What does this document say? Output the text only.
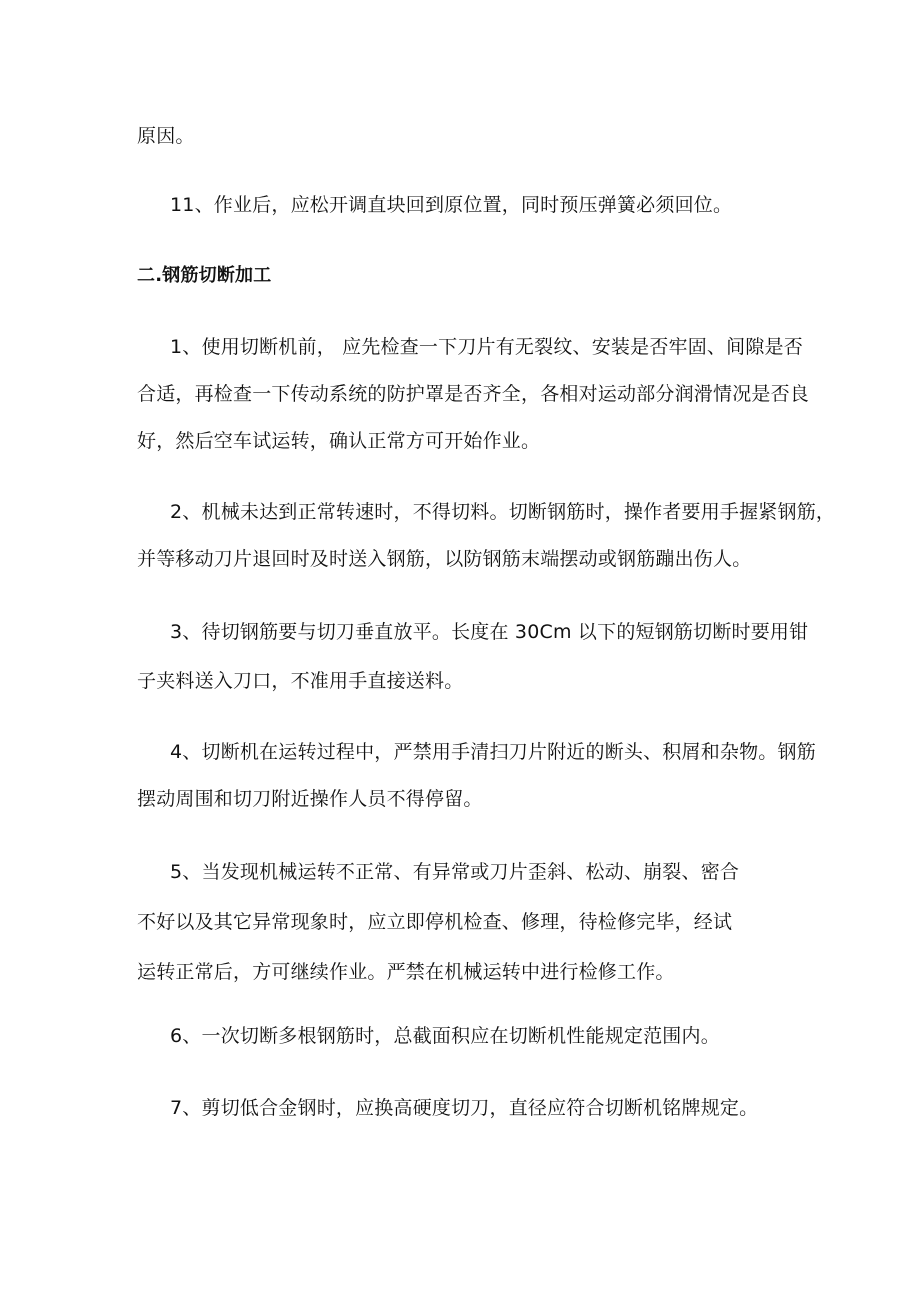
原因。
11、作业后，应松开调直块回到原位置，同时预压弹簧必须回位。
二.钢筋切断加工
1、使用切断机前， 应先检查一下刀片有无裂纹、安装是否牢固、间隙是否
合适，再检查一下传动系统的防护罩是否齐全，各相对运动部分润滑情况是否良
好，然后空车试运转，确认正常方可开始作业。
2、机械未达到正常转速时，不得切料。切断钢筋时，操作者要用手握紧钢筋，
并等移动刀片退回时及时送入钢筋，以防钢筋末端摆动或钢筋蹦出伤人。
3、待切钢筋要与切刀垂直放平。长度在 30Cm 以下的短钢筋切断时要用钳
子夹料送入刀口，不准用手直接送料。
4、切断机在运转过程中，严禁用手清扫刀片附近的断头、积屑和杂物。钢筋
摆动周围和切刀附近操作人员不得停留。
5、当发现机械运转不正常、有异常或刀片歪斜、松动、崩裂、密合
不好以及其它异常现象时，应立即停机检查、修理，待检修完毕，经试
运转正常后，方可继续作业。严禁在机械运转中进行检修工作。
6、一次切断多根钢筋时，总截面积应在切断机性能规定范围内。
7、剪切低合金钢时，应换高硬度切刀，直径应符合切断机铭牌规定。
